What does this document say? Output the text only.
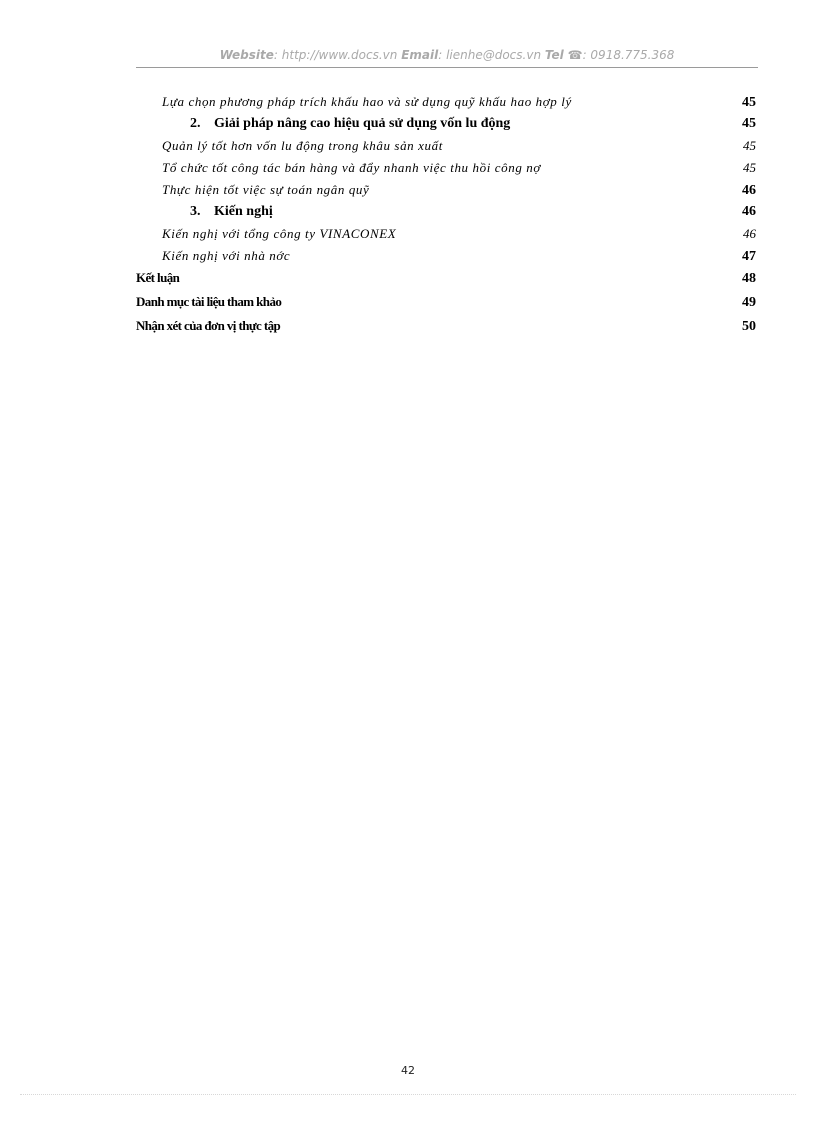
Website: http://www.docs.vn Email: lienhe@docs.vn Tel ☎: 0918.775.368
Lựa chọn phương pháp trích khấu hao và sử dụng quỹ khấu hao hợp lý	45
2. Giải pháp nâng cao hiệu quả sử dụng vốn lu động	45
Quản lý tốt hơn vốn lu động trong khâu sản xuất	45
Tổ chức tốt công tác bán hàng và đẩy nhanh việc thu hồi công nợ	45
Thực hiện tốt việc sự toán ngân quỹ	46
3. Kiến nghị	46
Kiến nghị với tổng công ty VINACONEX	46
Kiến nghị với nhà nớc	47
Kết luận	48
Danh mục tài liệu tham khảo	49
Nhận xét của đơn vị thực tập	50
42
